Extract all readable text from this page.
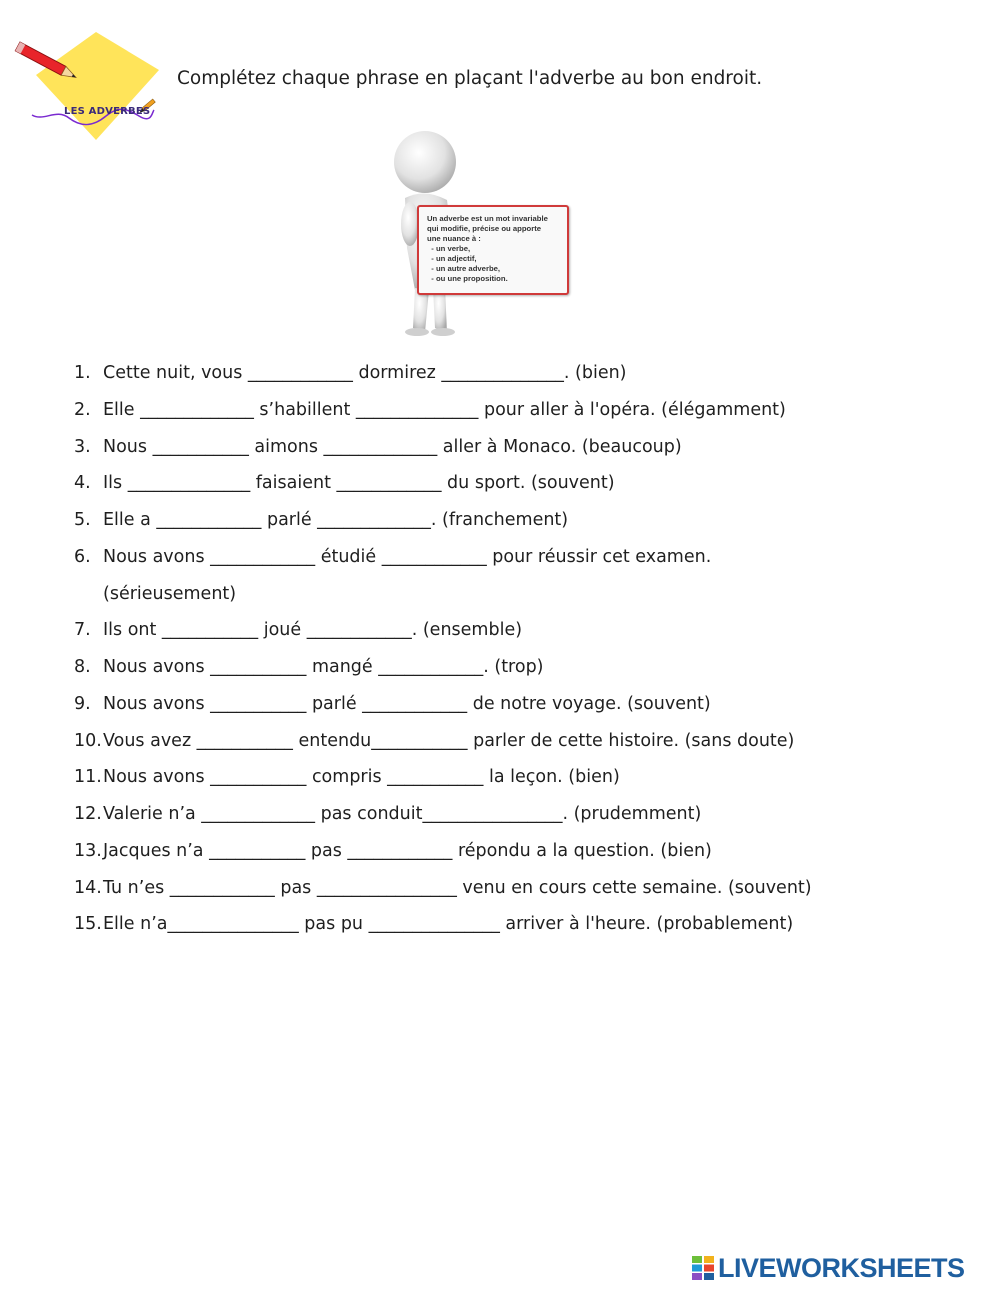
LES ADVERBES
Complétez chaque phrase en plaçant l'adverbe au bon endroit.
Un adverbe est un mot invariable
qui modifie, précise ou apporte
une nuance à :
- un verbe,
- un adjectif,
- un autre adverbe,
- ou une proposition.
1. Cette nuit, vous ____________ dormirez ______________. (bien)
2. Elle _____________ s’habillent ______________ pour aller à l'opéra. (élégamment)
3. Nous ___________ aimons _____________ aller à Monaco. (beaucoup)
4. Ils ______________ faisaient ____________ du sport. (souvent)
5. Elle a ____________ parlé _____________. (franchement)
6. Nous avons ____________ étudié ____________ pour réussir cet examen.
(sérieusement)
7. Ils ont ___________ joué ____________. (ensemble)
8. Nous avons ___________ mangé ____________. (trop)
9. Nous avons ___________ parlé ____________ de notre voyage. (souvent)
10. Vous avez ___________ entendu___________ parler de cette histoire. (sans doute)
11. Nous avons ___________ compris ___________ la leçon. (bien)
12. Valerie n’a _____________ pas conduit________________. (prudemment)
13. Jacques n’a ___________ pas ____________ répondu a la question. (bien)
14. Tu n’es ____________ pas ________________ venu en cours cette semaine. (souvent)
15. Elle n’a_______________ pas pu _______________ arriver à l'heure. (probablement)
LIVEWORKSHEETS
